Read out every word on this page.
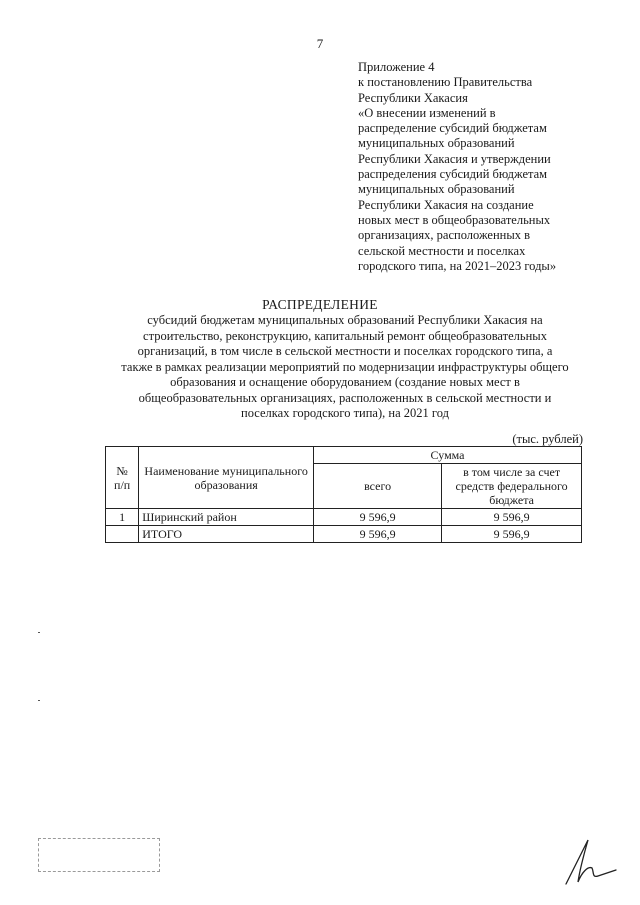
7
Приложение 4
к постановлению Правительства
Республики Хакасия
«О внесении изменений в
распределение субсидий бюджетам
муниципальных образований
Республики Хакасия и утверждении
распределения субсидий бюджетам
муниципальных образований
Республики Хакасия на создание
новых мест в общеобразовательных
организациях, расположенных в
сельской местности и поселках
городского типа, на 2021–2023 годы»
РАСПРЕДЕЛЕНИЕ
субсидий бюджетам муниципальных образований Республики Хакасия на
строительство, реконструкцию, капитальный ремонт общеобразовательных
организаций, в том числе в сельской местности и поселках городского типа, а
также в рамках реализации мероприятий по модернизации инфраструктуры общего
образования и оснащение оборудованием (создание новых мест в
общеобразовательных организациях, расположенных в сельской местности и
поселках городского типа), на 2021 год
(тыс. рублей)
№
п/п	Наименование муниципального образования	Сумма	
		всего	в том числе за счет средств федерального бюджета
1	Ширинский район	9 596,9	9 596,9
	ИТОГО	9 596,9	9 596,9
